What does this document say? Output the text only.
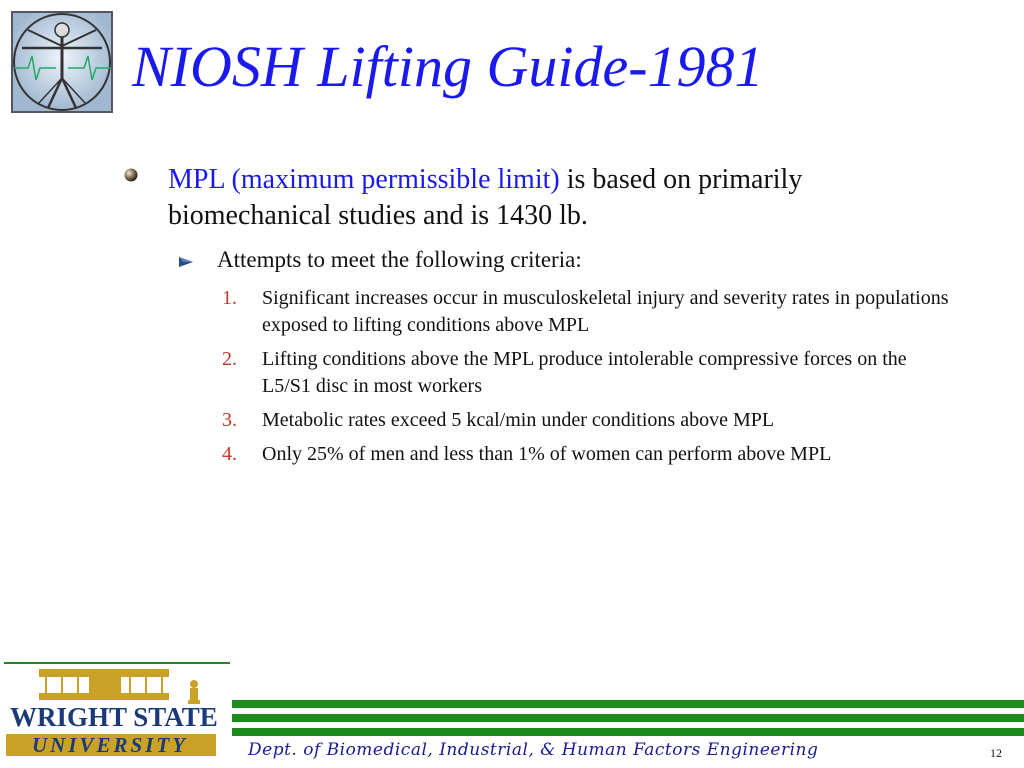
NIOSH Lifting Guide-1981
MPL (maximum permissible limit) is based on primarily biomechanical studies and is 1430 lb.
Attempts to meet the following criteria:
1.	Significant increases occur in musculoskeletal injury and severity rates in populations exposed to lifting conditions above MPL
2.	Lifting conditions above the MPL produce intolerable compressive forces on the L5/S1 disc in most workers
3.	Metabolic rates exceed 5 kcal/min under conditions above MPL
4.	Only 25% of men and less than 1% of women can perform above MPL
WRIGHT STATE
UNIVERSITY	Dept. of Biomedical, Industrial, & Human Factors Engineering	12
